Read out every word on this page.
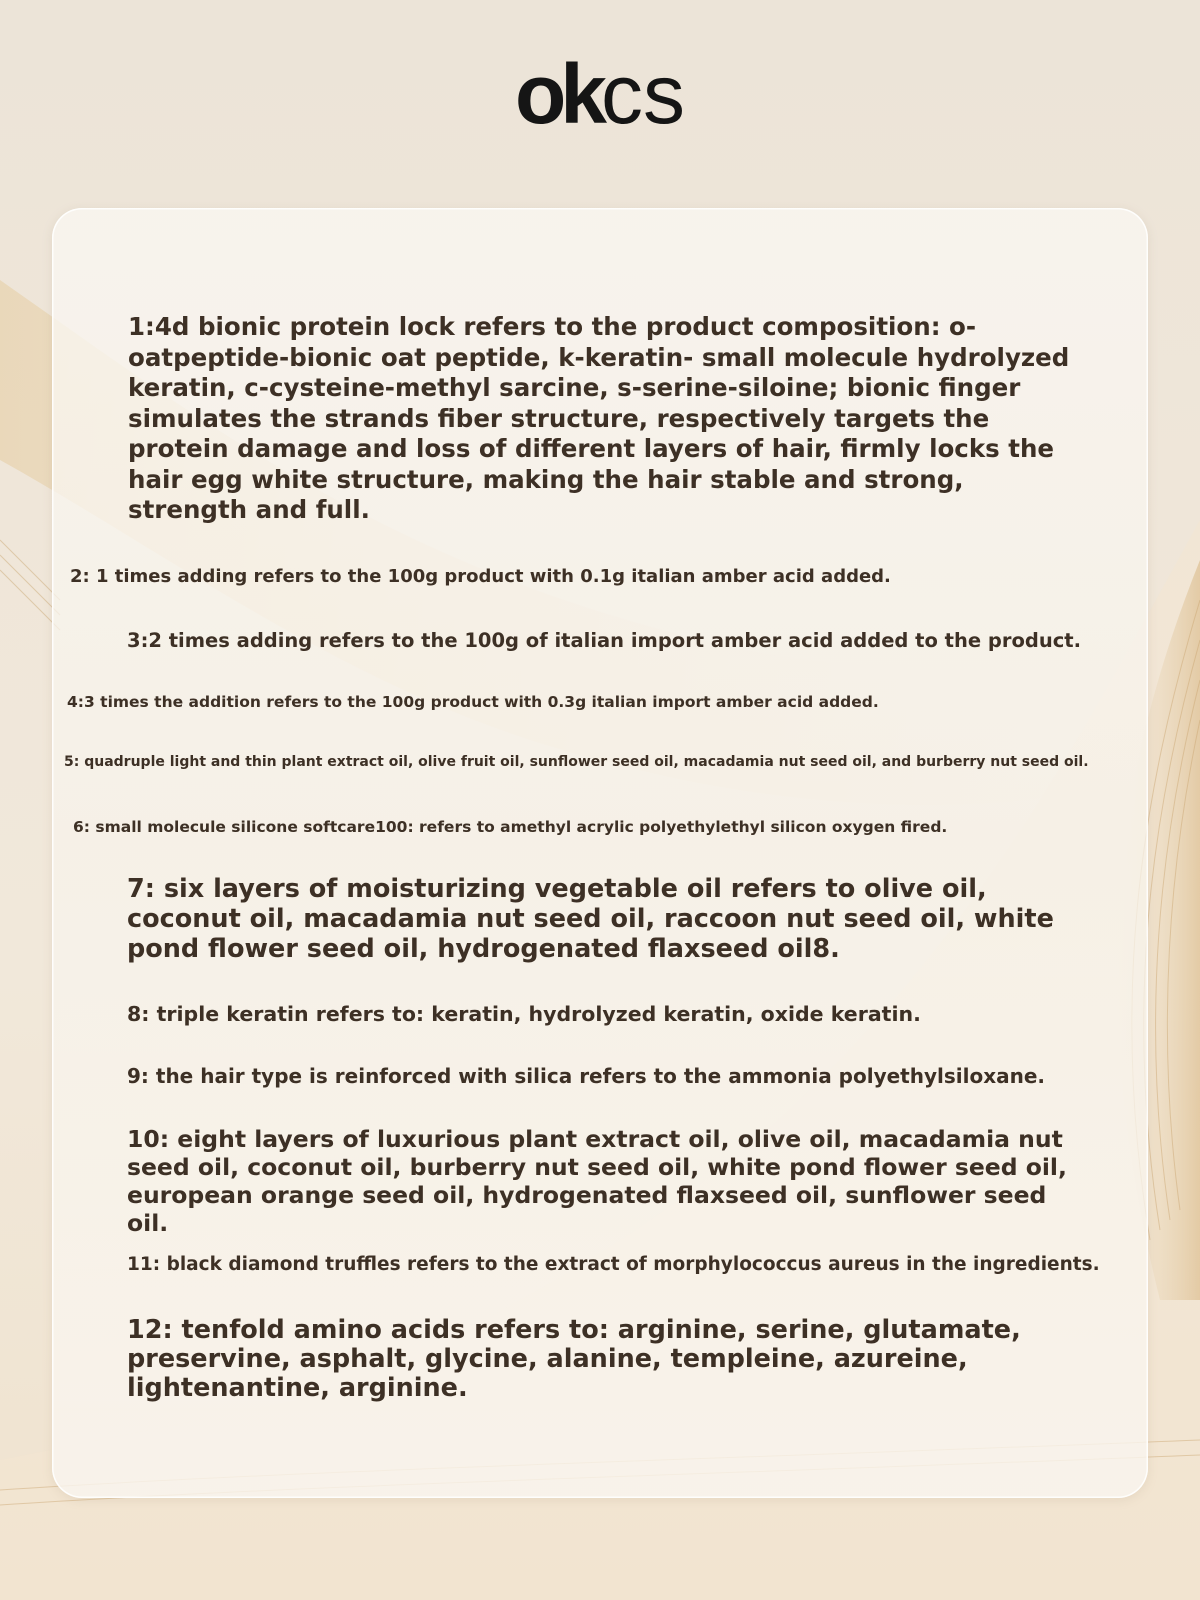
okcs

1:4d bionic protein lock refers to the product composition: o-oatpeptide-bionic oat peptide, k-keratin- small molecule hydrolyzed keratin, c-cysteine-methyl sarcine, s-serine-siloine; bionic finger simulates the strands fiber structure, respectively targets the protein damage and loss of different layers of hair, firmly locks the hair egg white structure, making the hair stable and strong, strength and full.

2: 1 times adding refers to the 100g product with 0.1g italian amber acid added.

3:2 times adding refers to the 100g of italian import amber acid added to the product.

4:3 times the addition refers to the 100g product with 0.3g italian import amber acid added.

5: quadruple light and thin plant extract oil, olive fruit oil, sunflower seed oil, macadamia nut seed oil, and burberry nut seed oil.

6: small molecule silicone softcare100: refers to amethyl acrylic polyethylethyl silicon oxygen fired.

7: six layers of moisturizing vegetable oil refers to olive oil, coconut oil, macadamia nut seed oil, raccoon nut seed oil, white pond flower seed oil, hydrogenated flaxseed oil8.

8: triple keratin refers to: keratin, hydrolyzed keratin, oxide keratin.

9: the hair type is reinforced with silica refers to the ammonia polyethylsiloxane.

10: eight layers of luxurious plant extract oil, olive oil, macadamia nut seed oil, coconut oil, burberry nut seed oil, white pond flower seed oil, european orange seed oil, hydrogenated flaxseed oil, sunflower seed oil.

11: black diamond truffles refers to the extract of morphylococcus aureus in the ingredients.

12: tenfold amino acids refers to: arginine, serine, glutamate, preservine, asphalt, glycine, alanine, templeine, azureine, lightenantine, arginine.
